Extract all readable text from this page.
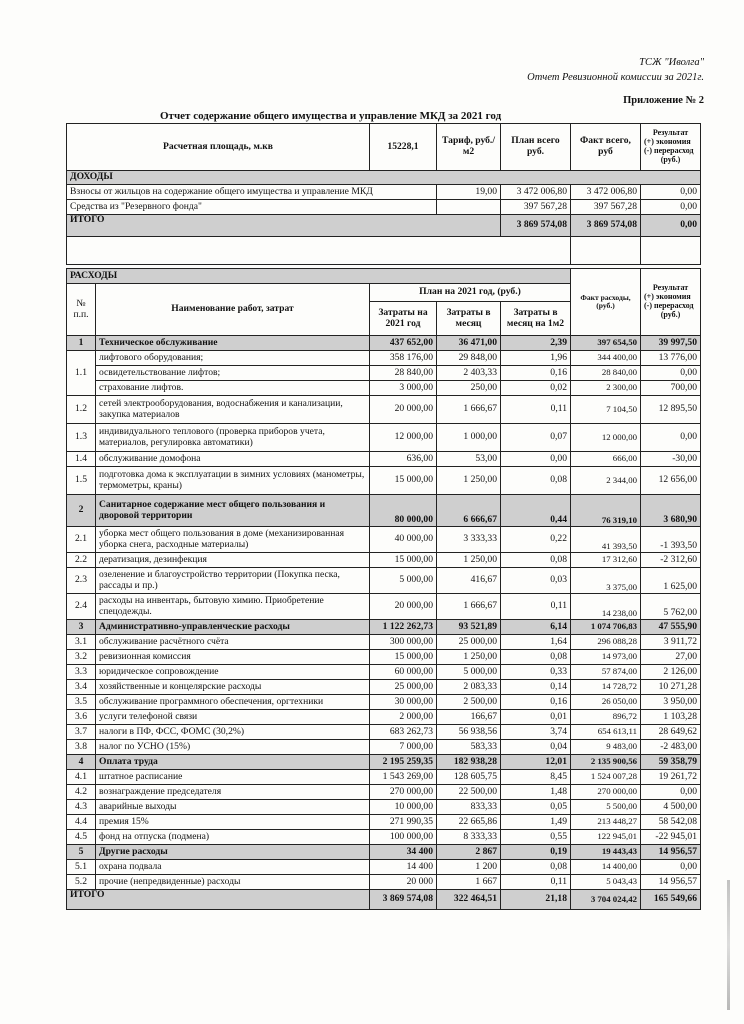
ТСЖ "Иволга"
Отчет Ревизионной комиссии за 2021г.
Приложение № 2
Отчет содержание общего имущества и управление МКД за 2021 год
Расчетная площадь, м.кв	15228,1	Тариф, руб./м2	План всего руб.	Факт всего, руб	Результат
(+) экономия
(-) перерасход
(руб.)

ДОХОДЫ					
Взносы от жильцов на содержание общего имущества и управление МКД		19,00	3 472 006,80	3 472 006,80	0,00
Средства из "Резервного фонда"			397 567,28	397 567,28	0,00
ИТОГО			3 869 574,08	3 869 574,08	0,00

РАСХОДЫ					Факт расходы, (руб.)	Результат
(+) экономия
(-) перерасход
(руб.)

№ п.п.	Наименование работ, затрат	План на 2021 год, (руб.)				
		Затраты на 2021 год	Затраты в месяц	Затраты в месяц на 1м2		
1	Техническое обслуживание	437 652,00	36 471,00	2,39	397 654,50	39 997,50
1.1	лифтового оборудования;	358 176,00	29 848,00	1,96	344 400,00	13 776,00
	освидетельствование лифтов;	28 840,00	2 403,33	0,16	28 840,00	0,00
	страхование лифтов.	3 000,00	250,00	0,02	2 300,00	700,00
1.2	сетей электрооборудования, водоснабжения и канализации, закупка материалов	20 000,00	1 666,67	0,11	7 104,50	12 895,50
1.3	индивидуального теплового (проверка приборов учета, материалов, регулировка автоматики)	12 000,00	1 000,00	0,07	12 000,00	0,00
1.4	обслуживание домофона	636,00	53,00	0,00	666,00	-30,00
1.5	подготовка дома к эксплуатации в зимних условиях (манометры, термометры, краны)	15 000,00	1 250,00	0,08	2 344,00	12 656,00
2	Санитарное содержание мест общего пользования и дворовой территории	80 000,00	6 666,67	0,44	76 319,10	3 680,90
2.1	уборка мест общего пользования в доме (механизированная уборка снега, расходные материалы)	40 000,00	3 333,33	0,22	41 393,50	-1 393,50
2.2	дератизация, дезинфекция	15 000,00	1 250,00	0,08	17 312,60	-2 312,60
2.3	озеленение и благоустройство территории (Покупка песка, рассады и пр.)	5 000,00	416,67	0,03	3 375,00	1 625,00
2.4	расходы на инвентарь, бытовую химию. Приобретение спецодежды.	20 000,00	1 666,67	0,11	14 238,00	5 762,00
3	Административно-управленческие расходы	1 122 262,73	93 521,89	6,14	1 074 706,83	47 555,90
3.1	обслуживание расчётного счёта	300 000,00	25 000,00	1,64	296 088,28	3 911,72
3.2	ревизионная комиссия	15 000,00	1 250,00	0,08	14 973,00	27,00
3.3	юридическое сопровождение	60 000,00	5 000,00	0,33	57 874,00	2 126,00
3.4	хозяйственные и концелярские расходы	25 000,00	2 083,33	0,14	14 728,72	10 271,28
3.5	обслуживание программного обеспечения, оргтехники	30 000,00	2 500,00	0,16	26 050,00	3 950,00
3.6	услуги телефоной связи	2 000,00	166,67	0,01	896,72	1 103,28
3.7	налоги в ПФ, ФСС, ФОМС (30,2%)	683 262,73	56 938,56	3,74	654 613,11	28 649,62
3.8	налог по УСНО (15%)	7 000,00	583,33	0,04	9 483,00	-2 483,00
4	Оплата труда	2 195 259,35	182 938,28	12,01	2 135 900,56	59 358,79
4.1	штатное расписание	1 543 269,00	128 605,75	8,45	1 524 007,28	19 261,72
4.2	вознаграждение председателя	270 000,00	22 500,00	1,48	270 000,00	0,00
4.3	аварийные выходы	10 000,00	833,33	0,05	5 500,00	4 500,00
4.4	премия 15%	271 990,35	22 665,86	1,49	213 448,27	58 542,08
4.5	фонд на отпуска (подмена)	100 000,00	8 333,33	0,55	122 945,01	-22 945,01
5	Другие расходы	34 400	2 867	0,19	19 443,43	14 956,57
5.1	охрана подвала	14 400	1 200	0,08	14 400,00	0,00
5.2	прочие (непредвиденные) расходы	20 000	1 667	0,11	5 043,43	14 956,57
ИТОГО		3 869 574,08	322 464,51	21,18	3 704 024,42	165 549,66
